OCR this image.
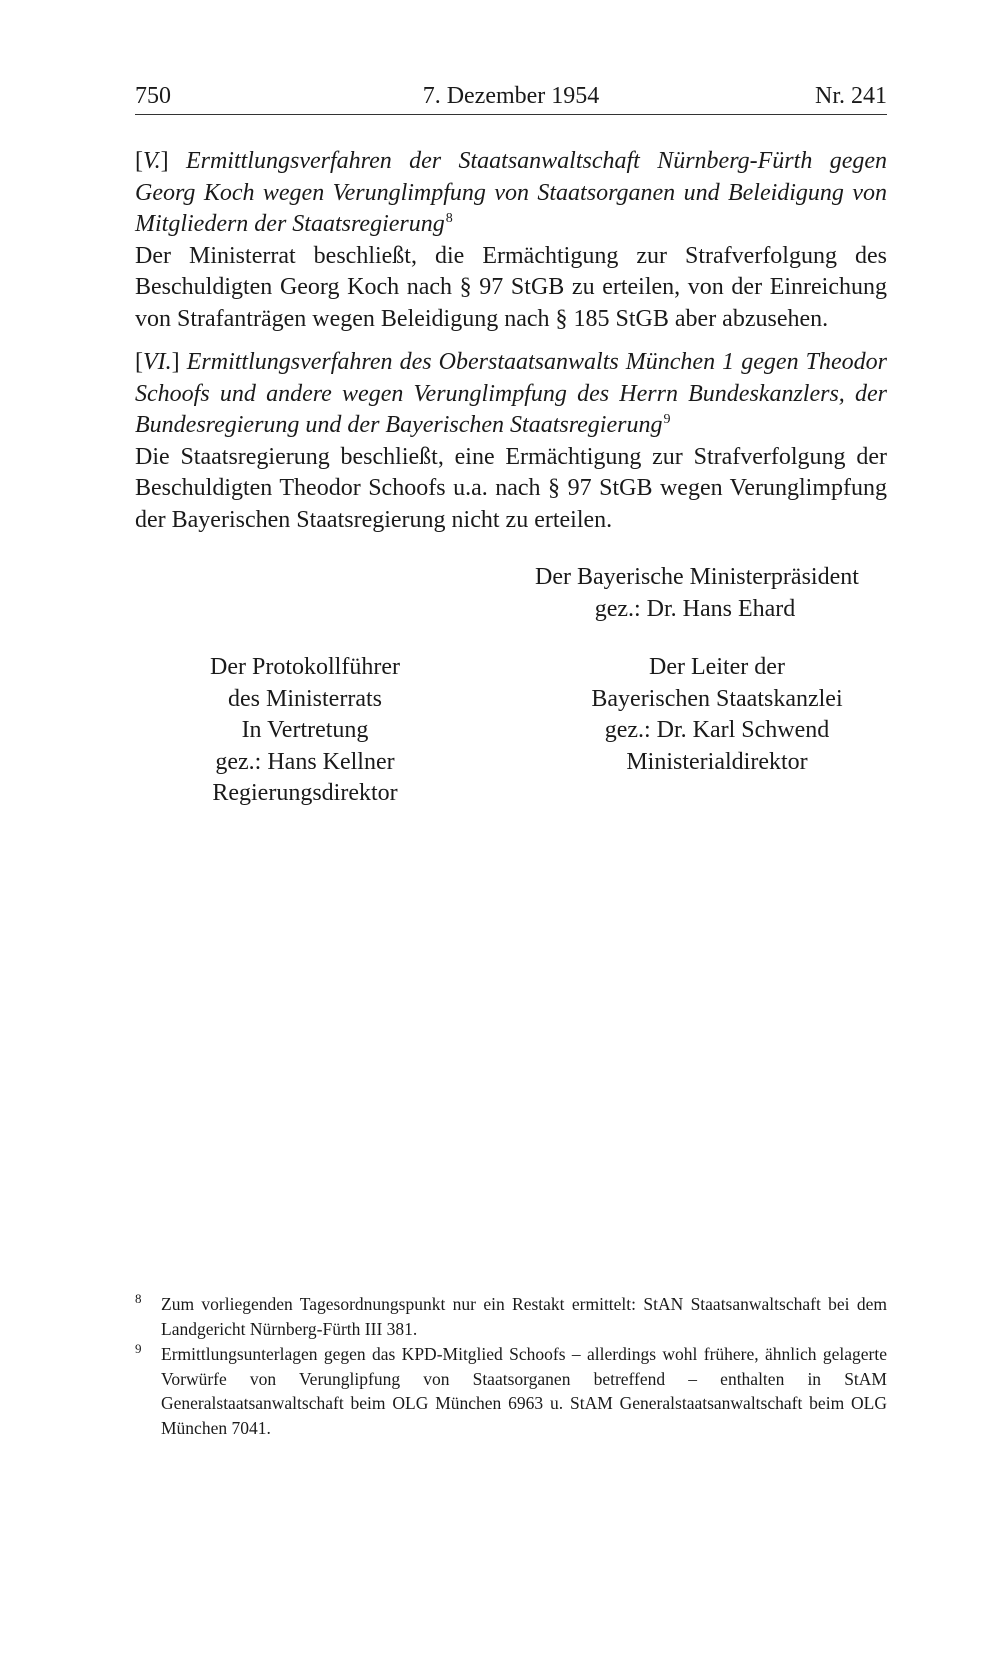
750	7. Dezember 1954	Nr. 241
[V.] Ermittlungsverfahren der Staatsanwaltschaft Nürnberg-Fürth gegen Georg Koch wegen Verunglimpfung von Staatsorganen und Beleidigung von Mitgliedern der Staatsregierung$^8$
Der Ministerrat beschließt, die Ermächtigung zur Strafverfolgung des Beschuldigten Georg Koch nach § 97 StGB zu erteilen, von der Einreichung von Strafanträgen wegen Beleidigung nach § 185 StGB aber abzusehen.
[VI.] Ermittlungsverfahren des Oberstaatsanwalts München 1 gegen Theodor Schoofs und andere wegen Verunglimpfung des Herrn Bundeskanzlers, der Bundesregierung und der Bayerischen Staatsregierung$^9$
Die Staatsregierung beschließt, eine Ermächtigung zur Strafverfolgung der Beschuldigten Theodor Schoofs u.a. nach § 97 StGB wegen Verunglimpfung der Bayerischen Staatsregierung nicht zu erteilen.
Der Bayerische Ministerpräsident
gez.: Dr. Hans Ehard
Der Protokollführer
des Ministerrats
In Vertretung
gez.: Hans Kellner
Regierungsdirektor
Der Leiter der
Bayerischen Staatskanzlei
gez.: Dr. Karl Schwend
Ministerialdirektor
8 Zum vorliegenden Tagesordnungspunkt nur ein Restakt ermittelt: StAN Staatsanwaltschaft bei dem Landgericht Nürnberg-Fürth III 381.
9 Ermittlungsunterlagen gegen das KPD-Mitglied Schoofs – allerdings wohl frühere, ähnlich gelagerte Vorwürfe von Verunglipfung von Staatsorganen betreffend – enthalten in StAM Generalstaatsanwaltschaft beim OLG München 6963 u. StAM Generalstaatsanwaltschaft beim OLG München 7041.
